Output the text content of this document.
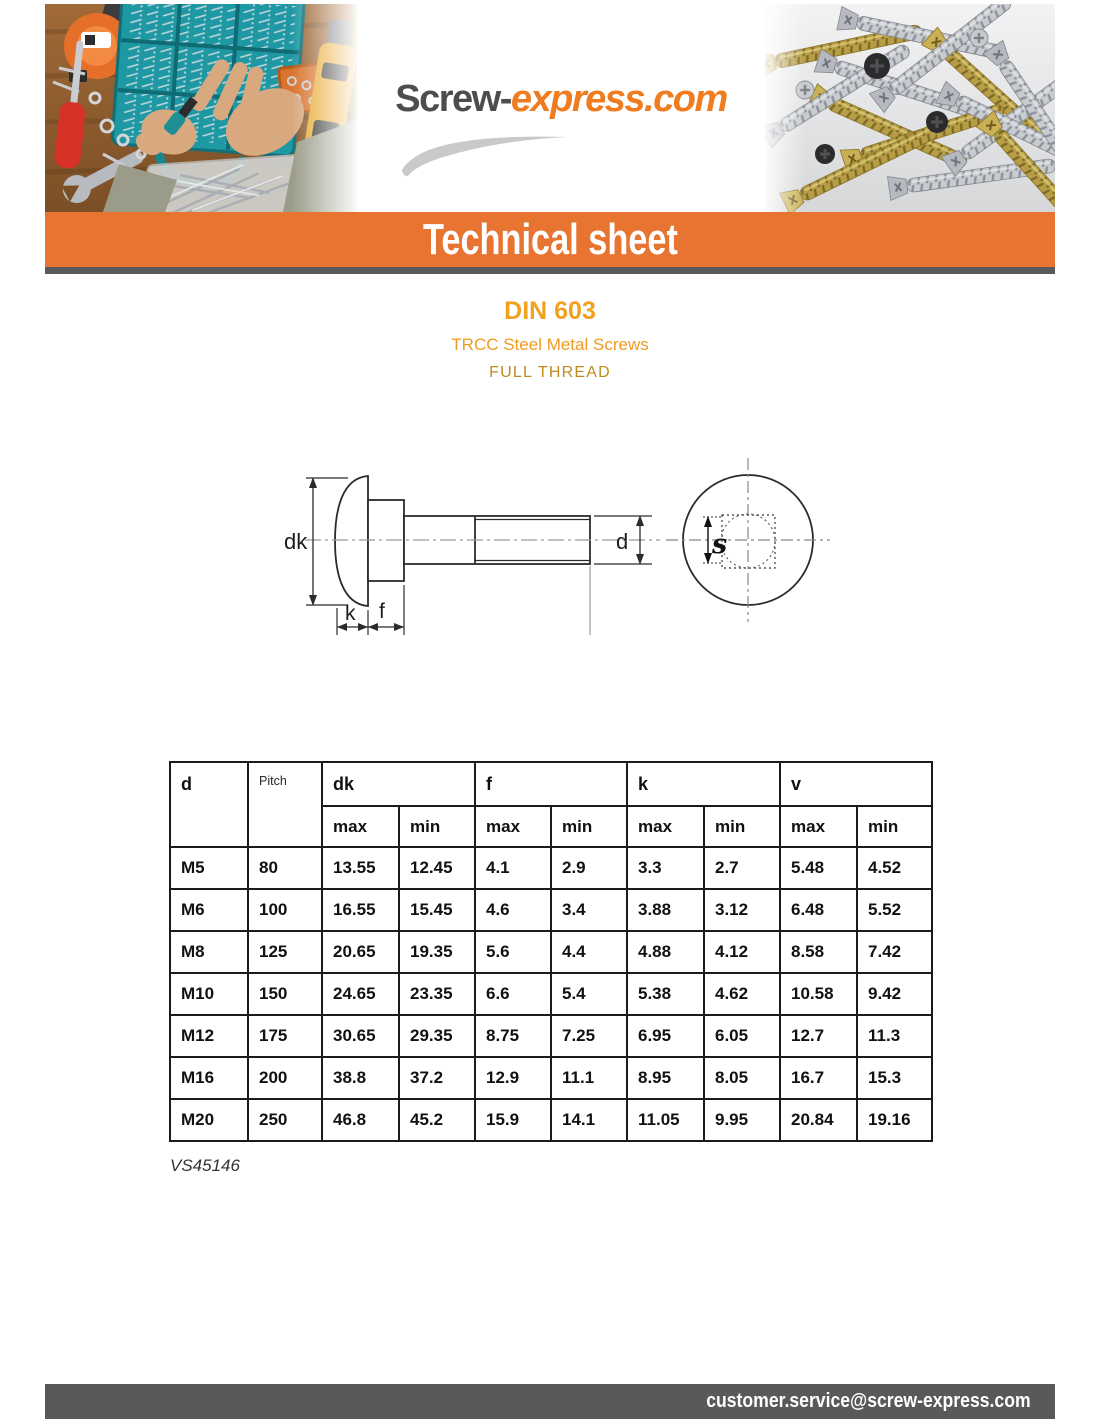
Screw-express.com
Technical sheet
DIN 603
TRCC Steel Metal Screws
FULL THREAD
dk
k f
d	s
d	Pitch	dk		f		k		v	
		max	min	max	min	max	min	max	min
M5	80	13.55	12.45	4.1	2.9	3.3	2.7	5.48	4.52
M6	100	16.55	15.45	4.6	3.4	3.88	3.12	6.48	5.52
M8	125	20.65	19.35	5.6	4.4	4.88	4.12	8.58	7.42
M10	150	24.65	23.35	6.6	5.4	5.38	4.62	10.58	9.42
M12	175	30.65	29.35	8.75	7.25	6.95	6.05	12.7	11.3
M16	200	38.8	37.2	12.9	11.1	8.95	8.05	16.7	15.3
M20	250	46.8	45.2	15.9	14.1	11.05	9.95	20.84	19.16
VS45146
customer.service@screw-express.com
